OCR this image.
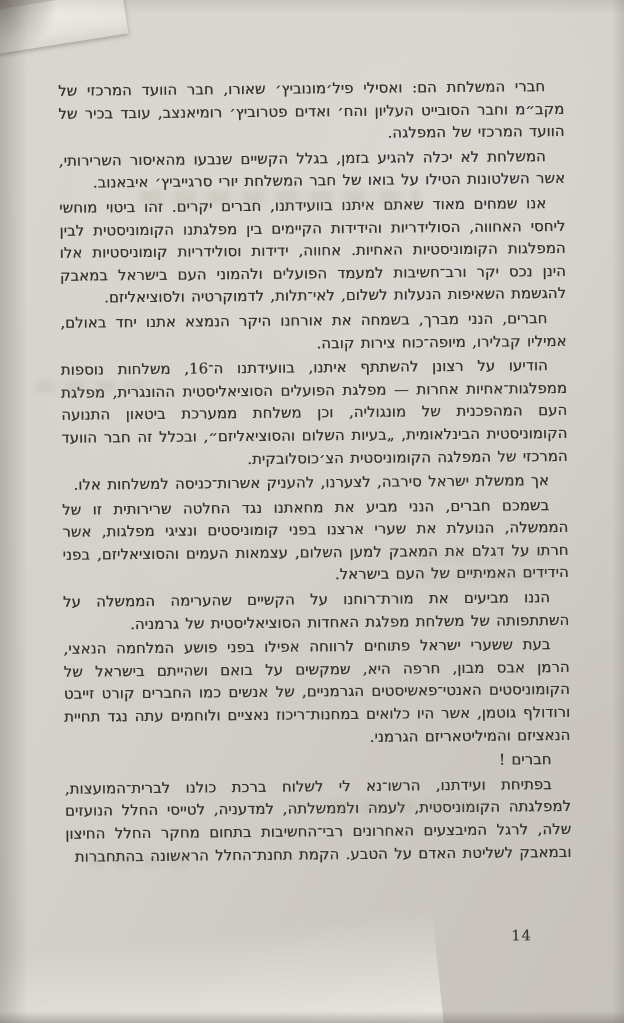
חברי המשלחת הם: ואסילי פיל׳מונוביץ׳ שאורו, חבר הוועד המרכזי של מקב״מ וחבר הסובייט העליון והח׳ ואדים פטרוביץ׳ רומיאנצב, עובד בכיר של הוועד המרכזי של המפלגה.

המשלחת לא יכלה להגיע בזמן, בגלל הקשיים שנבעו מהאיסור השרירותי, אשר השלטונות הטילו על בואו של חבר המשלחת יורי סרגייביץ׳ איבאנוב.

אנו שמחים מאוד שאתם איתנו בוועידתנו, חברים יקרים. זהו ביטוי מוחשי ליחסי האחווה, הסולידריות והידידות הקיימים בין מפלגתנו הקומוניסטית לבין המפלגות הקומוניסטיות האחיות. אחווה, ידידות וסולידריות קומוניסטיות אלו הינן נכס יקר ורב־חשיבות למעמד הפועלים ולהמוני העם בישראל במאבק להגשמת השאיפות הנעלות לשלום, לאי־תלות, לדמוקרטיה ולסוציאליזם.

חברים, הנני מברך, בשמחה את אורחנו היקר הנמצא אתנו יחד באולם, אמיליו קבלירו, מיופה־כוח צירות קובה.

הודיעו על רצונן להשתתף איתנו, בוועידתנו ה־16, משלחות נוספות ממפלגות־אחיות אחרות — מפלגת הפועלים הסוציאליסטית ההונגרית, מפלגת העם המהפכנית של מונגוליה, וכן משלחת ממערכת ביטאון התנועה הקומוניסטית הבינלאומית, „בעיות השלום והסוציאליזם״, ובכלל זה חבר הוועד המרכזי של המפלגה הקומוניסטית הצ׳כוסלובקית.

אך ממשלת ישראל סירבה, לצערנו, להעניק אשרות־כניסה למשלחות אלו.

בשמכם חברים, הנני מביע את מחאתנו נגד החלטה שרירותית זו של הממשלה, הנועלת את שערי ארצנו בפני קומוניסטים ונציגי מפלגות, אשר חרתו על דגלם את המאבק למען השלום, עצמאות העמים והסוציאליזם, בפני הידידים האמיתיים של העם בישראל.

הננו מביעים את מורת־רוחנו על הקשיים שהערימה הממשלה על השתתפותה של משלחת מפלגת האחדות הסוציאליסטית של גרמניה.

בעת ששערי ישראל פתוחים לרווחה אפילו בפני פושע המלחמה הנאצי, הרמן אבס מבון, חרפה היא, שמקשים על בואם ושהייתם בישראל של הקומוניסטים האנטי־פאשיסטים הגרמניים, של אנשים כמו החברים קורט זייבט ורודולף גוטמן, אשר היו כלואים במחנות־ריכוז נאציים ולוחמים עתה נגד תחיית הנאציזם והמיליטאריזם הגרמני.

חברים !

בפתיחת ועידתנו, הרשו־נא לי לשלוח ברכת כולנו לברית־המועצות, למפלגתה הקומוניסטית, לעמה ולממשלתה, למדעניה, לטייסי החלל הנועזים שלה, לרגל המיבצעים האחרונים רבי־החשיבות בתחום מחקר החלל החיצון ובמאבק לשליטת האדם על הטבע. הקמת תחנת־החלל הראשונה בהתחברות

14
